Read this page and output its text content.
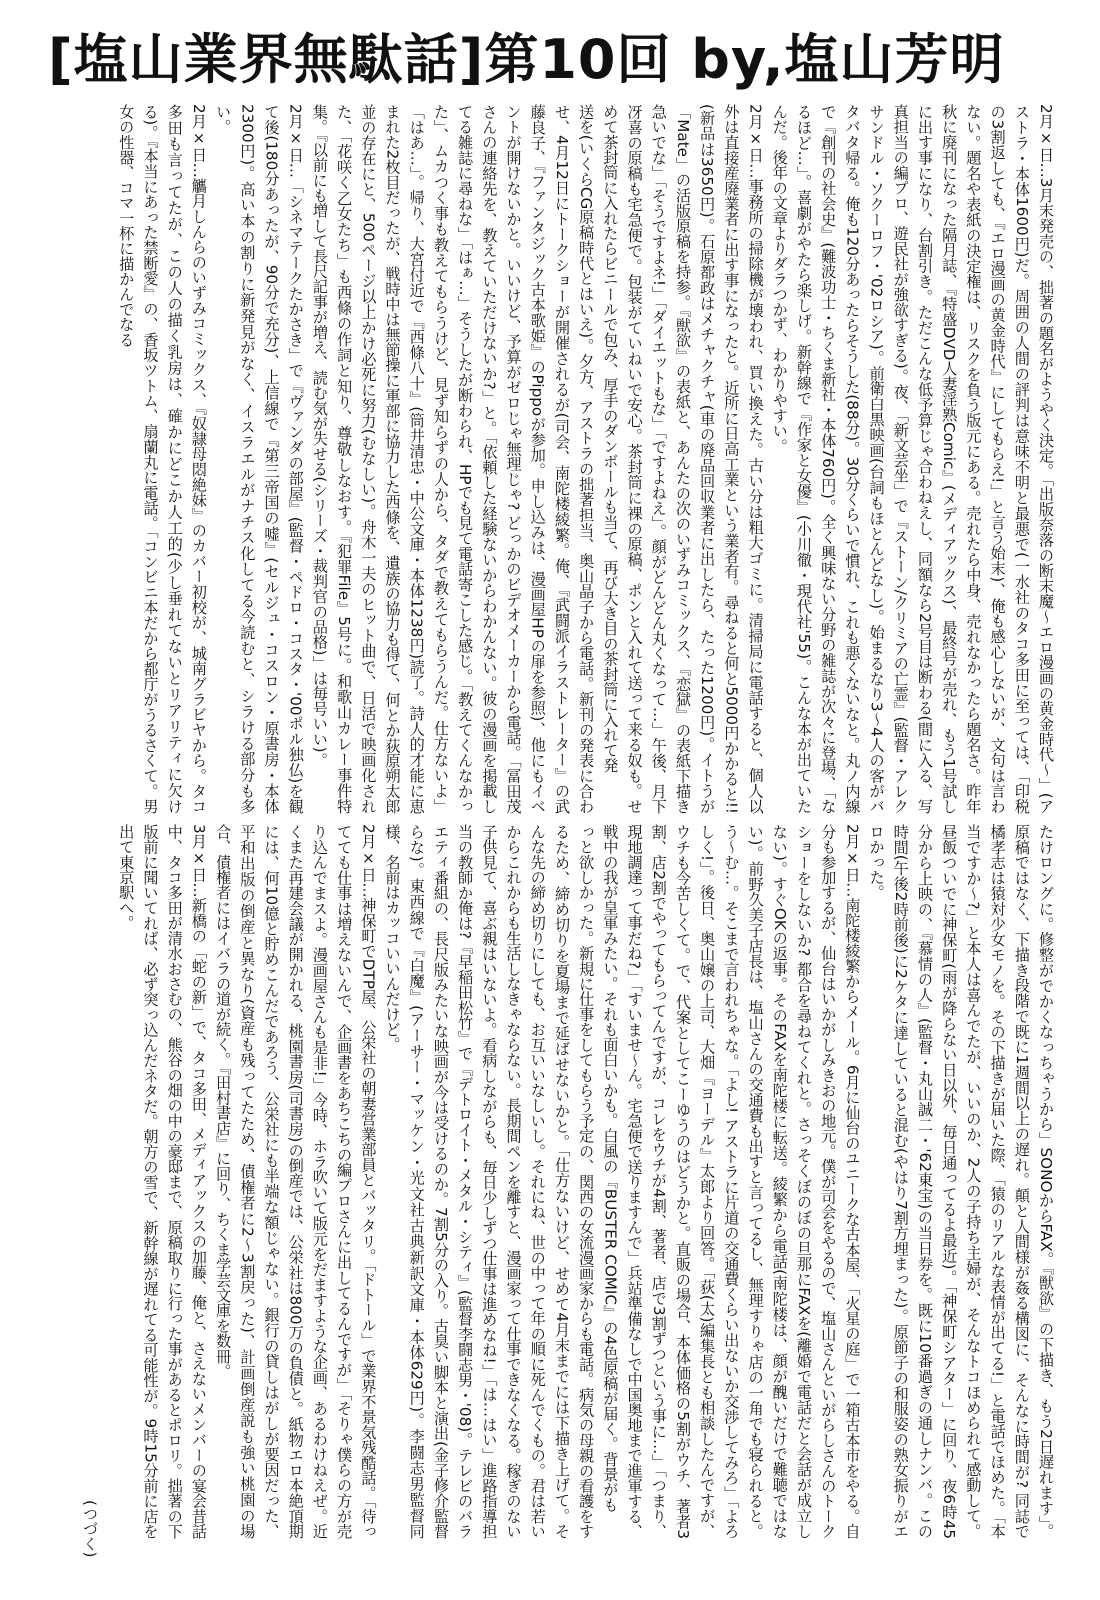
[塩山業界無駄話]第10回 by,塩山芳明

2月×日…3月末発売の、拙著の題名がようやく決定。「出版奈落の断末魔～エロ漫画の黄金時代～」(アストラ・本体1600円)だ。周囲の人間の評判は意味不明と最悪で(一水社のタコ多田に至っては、「印税の3割返しても、『エロ漫画の黄金時代』にしてもらえ!」と言う始末)、俺も感心しないが、文句は言わない。題名や表紙の決定権は、リスクを負う版元にある。売れたら中身、売れなかったら題名さ。昨年秋に廃刊になった隔月誌、『特盛DVD人妻淫熟Comic』(メディアックス)、最終号が売れ、もう1号試しに出す事になり、台割引き。ただこんな低予算じゃ合わねえし、同額なら2号目は断わる(間に入る、写真担当の編プロ、遊民社が強欲すぎる)。夜、「新文芸坐」で『ストーン/クリミアの亡霊』(監督・アレクサンドル・ソクーロフ・'02ロシア)。前衛白黒映画(台詞もほとんどなし)。始まるなり3～4人の客がバタバタ帰る。俺も120分あったらそうした(88分)。30分くらいで慣れ、これも悪くないなと。丸ノ内線で『創刊の社会史』(難波功士・ちくま新社・本体760円)。全く興味ない分野の雑誌が次々に登場、「なるほど…」。喜劇がやたら楽しげ。新幹線で『作家と女優』(小川徹・現代社'55)。こんな本が出ていたんだ。後年の文章よりダラつかず、わかりやすい。

2月×日…事務所の掃除機が壊われ、買い換えた。古い分は粗大ゴミに。清掃局に電話すると、個人以外は直接産廃業者に出す事になったと。近所に日高工業という業者有。尋ねると何と5000円かかると!!(新品は3650円)。石原都政はメチャクチャ(車の廃品回収業者に出したら、たった1200円)。イトうが「Mate」の活版原稿を持参。『獣欲』の表紙と、あんたの次のいずみコミックス、『恋獄』の表紙下描き急いでな」「そうですよネ!」「ダイエットもな」「ですよねえ」。顔がどんどん丸くなって…」午後、月下冴喜の原稿も宅急便で。包装がていねいで安心。茶封筒に裸の原稿、ポンと入れて送って来る奴も。せめて茶封筒に入れたらビニールで包み、厚手のダンボールも当て、再び大き目の茶封筒に入れて発

送を(いくらCG原稿時代とはいえ)。夕方、アストラの拙著担当、奥山晶子から電話。新刊の発表に合わせ、4月12日にトークショーが開催されるが(司会、南陀楼綾繁。俺、『武闘派イラストレーター』の武藤良子、『ファンタジック古本歌姫』のPippoが参加。申し込みは、漫画屋HPの扉を参照)、他にもイベントが開けないかと。いいけど、予算がゼロじゃ無理じゃ? どっかのビデオメーカーから電話。「冨田茂さんの連絡先を、教えていただけないか?」と。「依頼した経験ないからわかんない。彼の漫画を掲載してる雑誌に尋ねな」「はぁ…」そうしたが断わられ、HPでも見て電話寄こした感じ。「教えてくんなかった」、ムカつく事も教えてもらうけど、見ず知らずの人から、タダで教えてもらうんだ。仕方ないよ」「はあ…」。帰り、大宮付近で『西條八十』(筒井清忠・中公文庫・本体1238円)読了。詩人的才能に恵まれた2枚目だったが、戦時中は無節操に軍部に協力した西條を、遺族の協力も得て、何とか荻原朔太郎並の存在にと、500ページ以上かけ必死に努力(むなしい)。舟木一夫のヒット曲で、日活で映画化された、「花咲く乙女たち」も西條の作詞と知り、尊敬しなおす。『犯罪File』5号に。和歌山カレー事件特集。『以前にも増して長尺記事が増え、読む気が失せる(シリーズ・裁判官の品格)」は毎号いい)。

2月×日…「シネマテークたかさき」で『ヴァンダの部屋』(監督・ペドロ・コスタ・'00ポル独仏)を観て後(180分あったが、90分で充分)、上信線で『第三帝国の嘘』(セルジュ・コスロン・原書房・本体2300円)。高い本の割りに新発見がなく、イスラエルがナチス化してる今読むと、シラける部分も多い。

2月×日…觿月しんらのいずみコミックス、『奴隷母悶絶妹』のカバー初校が、城南グラビヤから。タコ多田も言ってたが、この人の描く乳房は、確かにどこか人工的(少し垂れてないとリアリティに欠ける)。『本当にあった禁断愛』の、香坂ツトム、扇蘭丸に電話。「コンビニ本だから都庁がうるさくて。男女の性器、コマ一杯に描かんでなる

たけロングに。修整がでかくなっちゃうから」SONOからFAX。『獣欲』の下描き、もう2日遅れます」。原稿ではなく、下描き段階で既に1週間以上の遅れ。顛と人間様が姦る構図に、そんなに時間が? 同誌で橘孝志は猿対少女モノを。その下描きが届いた際、「猿のリアルな表情が出てる!」と電話でほめた。「本当ですか～?」と本人は喜んでたが、いいのか、2人の子持ち主婦が、そんなトコほめられて感動して。昼飯ついでに神保町(雨が降らない日以外、毎日通ってるよ最近)。「神保町シアター」に回り、夜6時45分から上映の、『慕情の人』(監督・丸山誠二・'62東宝)の当日券を。既に10番過ぎの通しナンバ。この時間(午後2時前後)に2ケタに達していると混む(やはり7割方埋まった)。原節子の和服姿の熟女振りがエロかった。

2月×日…南陀楼綾繁からメール。6月に仙台のユニークな古本屋、「火星の庭」で一箱古本市をやる。自分も参加するが、仙台はいかがしみきおの地元。僕が司会をやるので、塩山さんといがらしさんのトークショーをしないか? 都合を尋ねてくれと。さっそくぼのぼの旦那にFAXを(離婚で電話だと会話が成立しない)。すぐOKの返事。そのFAXを南陀楼に転送。綾繁から電話(南陀楼は、顔が醜いだけで難聴ではない)。前野久美子店長は、塩山さんの交通費も出すと言ってるし、無理すりゃ店の一角でも寝られると。う～む…。そこまで言われちゃな。「よし! アストラに片道の交通費くらい出ないか交渉してみろ」「よろしく!」。後日、奥山嬢の上司、大畑『ヨーデル』太郎より回答。「荻(太)編集長とも相談したんですが、ウチも今苦しくて。で、代案としてこーゆうのはどうかと。直販の場合、本体価格の5割がウチ、著者3割、店2割でやってもらってんですが、コレをウチが4割、著者、店で3割ずつという事に…」「つまり、現地調達って事だね?」「すいませ～ん。宅急便で送りますんで」兵站準備なしで中国奥地まで進軍する、戦中の我が皇軍みたい。それも面白いかも。白風の『BUSTER COMIC』の4色原稿が届く。背景がも

っと欲しかった。新規に仕事をしてもらう予定の、関西の女流漫画家からも電話。病気の母親の看護をするため、締め切りを夏場まで延ばせないかと。「仕方ないけど、せめて4月末までには下描き上げて。そんな先の締め切りにしても、お互いいなしいし。それにね、世の中って年の順に死んでくもの。君は若いからこれからも生活しなきゃならない。長期間ペンを離すと、漫画家って仕事できなくなる。稼ぎのない子供見て、喜ぶ親はいないよ。看病しながらも、毎日少しずつ仕事は進めなね!」「は…はい」進路指導担当の教師か俺は?『早稲田松竹』で『デトロイト・メタル・シティ』(監督李闘志男・'08)。テレビのバラエティ番組の、長尺版みたいな映画が今は受けるのか。7割5分の入り。古臭い脚本と演出(金子修介監督らな)。東西線で『白魔』(アーサー・マッケン・光文社古典新訳文庫・本体629円)。李闘志男監督同様、名前はカッコいいんだけど。

2月×日…神保町でDTP屋、公栄社の朝妻営業部員とバッタリ。「ドトール」で業界不景気残酷話。「待ってても仕事は増えないんで、企画書をあちこちの編プロさんに出してるんですが」「そりゃ僕らの方が売り込んでまスよ。漫画屋さんも是非!」今時、ホラ吹いて版元をだますような企画、あるわけねえぜ。近くまた再建会議が開かれる、桃園書房(司書房)の倒産では、公栄社は800万の負債と。紙物エロ本絶頂期には、何10億と貯めこんだであろう、公栄社にも半端な額じゃない。銀行の貸しはがしが要因だった、平和出版の倒産と異なり(資産も残ってたため、債権者に2～3割戻った)、計画倒産説も強い桃園の場合、債権者にはイバラの道が続く。『田村書店』に回り、ちくま学芸文庫を数冊。

3月×日…新橋の「蛇の新」で、タコ多田、メディアックスの加藤、俺と、さえないメンバーの宴会昔話中、タコ多田が清水おさむの、熊谷の畑の中の豪邸まで、原稿取りに行った事があるとポロリ。拙著の下版前に聞いてれば、必ず突っ込んだネタだ。朝方の雪で、新幹線が遅れてる可能性が。9時15分前に店を出て東京駅へ。

(つづく)
